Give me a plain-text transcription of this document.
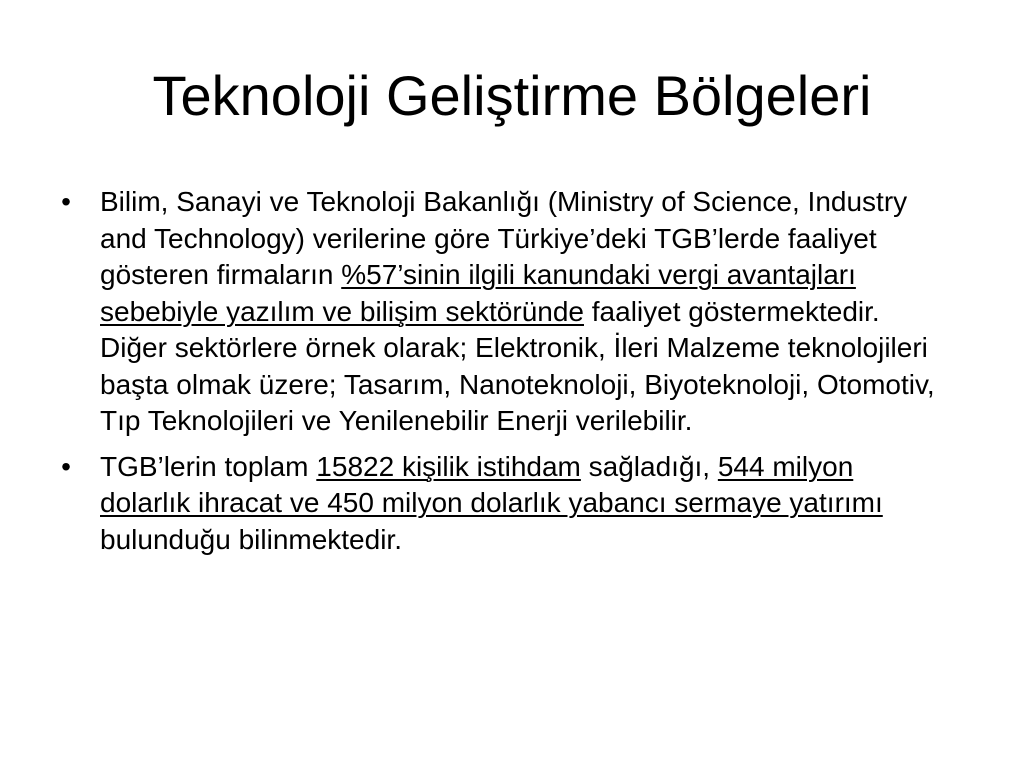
Teknoloji Geliştirme Bölgeleri
• Bilim, Sanayi ve Teknoloji Bakanlığı (Ministry of Science, Industry and Technology) verilerine göre Türkiye’deki TGB’lerde faaliyet gösteren firmaların %57’sinin ilgili kanundaki vergi avantajları sebebiyle yazılım ve bilişim sektöründe faaliyet göstermektedir. Diğer sektörlere örnek olarak; Elektronik, İleri Malzeme teknolojileri başta olmak üzere; Tasarım, Nanoteknoloji, Biyoteknoloji, Otomotiv, Tıp Teknolojileri ve Yenilenebilir Enerji verilebilir.
• TGB’lerin toplam 15822 kişilik istihdam sağladığı, 544 milyon dolarlık ihracat ve 450 milyon dolarlık yabancı sermaye yatırımı bulunduğu bilinmektedir.
